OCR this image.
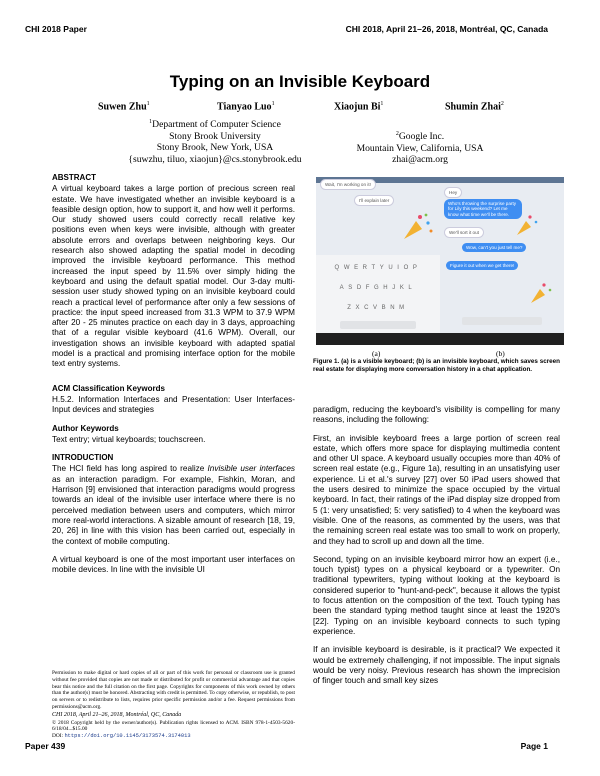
CHI 2018 Paper	CHI 2018, April 21–26, 2018, Montréal, QC, Canada
Typing on an Invisible Keyboard
Suwen Zhu$^1$	Tianyao Luo$^1$	Xiaojun Bi$^1$	Shumin Zhai$^2$
$^1$Department of Computer Science
Stony Brook University
Stony Brook, New York, USA
{suwzhu, tiluo, xiaojun}@cs.stonybrook.edu
$^2$Google Inc.
Mountain View, California, USA
zhai@acm.org
ABSTRACT

A virtual keyboard takes a large portion of precious screen real estate. We have investigated whether an invisible keyboard is a feasible design option, how to support it, and how well it performs. Our study showed users could correctly recall relative key positions even when keys were invisible, although with greater absolute errors and overlaps between neighboring keys. Our research also showed adapting the spatial model in decoding improved the invisible keyboard performance. This method increased the input speed by 11.5% over simply hiding the keyboard and using the default spatial model. Our 3-day multi-session user study showed typing on an invisible keyboard could reach a practical level of performance after only a few sessions of practice: the input speed increased from 31.3 WPM to 37.9 WPM after 20 - 25 minutes practice on each day in 3 days, approaching that of a regular visible keyboard (41.6 WPM). Overall, our investigation shows an invisible keyboard with adapted spatial model is a practical and promising interface option for the mobile text entry systems.

ACM Classification Keywords

H.5.2. Information Interfaces and Presentation: User Interfaces-Input devices and strategies

Author Keywords

Text entry; virtual keyboards; touchscreen.

INTRODUCTION

The HCI field has long aspired to realize Invisible user interfaces as an interaction paradigm. For example, Fishkin, Moran, and Harrison [9] envisioned that interaction paradigms would progress towards an ideal of the invisible user interface where there is no perceived mediation between users and computers, which mirror more real-world interactions. A sizable amount of research [18, 19, 20, 26] in line with this vision has been carried out, especially in the context of mobile computing.

A virtual keyboard is one of the most important user interfaces on mobile devices. In line with the invisible UI

Permission to make digital or hard copies of all or part of this work for personal or classroom use is granted without fee provided that copies are not made or distributed for profit or commercial advantage and that copies bear this notice and the full citation on the first page. Copyrights for components of this work owned by others than the author(s) must be honored. Abstracting with credit is permitted. To copy otherwise, or republish, to post on servers or to redistribute to lists, requires prior specific permission and/or a fee. Request permissions from permissions@acm.org.
CHI 2018, April 21–26, 2018, Montréal, QC, Canada
© 2018 Copyright held by the owner/author(s). Publication rights licensed to ACM. ISBN 978-1-4503-5620-6/18/04...$15.00
DOI: https://doi.org/10.1145/3173574.3174013
Wait, I'm working on it!
I'll explain later
QWERTYUIOP
ASDFGHJKL
ZXCVBNM
Hey
Who's throwing the surprise party for Lily this weekend? Let me know what time we'll be there.
We'll sort it out
Wow, can't you just tell me?
Figure it out when we get there!
(a)	(b)
Figure 1. (a) is a visible keyboard; (b) is an invisible keyboard, which saves screen real estate for displaying more conversation history in a chat application.

paradigm, reducing the keyboard's visibility is compelling for many reasons, including the following:

First, an invisible keyboard frees a large portion of screen real estate, which offers more space for displaying multimedia content and other UI space. A keyboard usually occupies more than 40% of screen real estate (e.g., Figure 1a), resulting in an unsatisfying user experience. Li et al.'s survey [27] over 50 iPad users showed that the users desired to minimize the space occupied by the virtual keyboard. In fact, their ratings of the iPad display size dropped from 5 (1: very unsatisfied; 5: very satisfied) to 4 when the keyboard was visible. One of the reasons, as commented by the users, was that the remaining screen real estate was too small to work on properly, and they had to scroll up and down all the time.

Second, typing on an invisible keyboard mirror how an expert (i.e., touch typist) types on a physical keyboard or a typewriter. On traditional typewriters, typing without looking at the keyboard is considered superior to "hunt-and-peck", because it allows the typist to focus attention on the composition of the text. Touch typing has been the standard typing method taught since at least the 1920's [22]. Typing on an invisible keyboard connects to such typing experience.

If an invisible keyboard is desirable, is it practical? We expected it would be extremely challenging, if not impossible. The input signals would be very noisy. Previous research has shown the imprecision of finger touch and small key sizes

Paper 439	Page 1
